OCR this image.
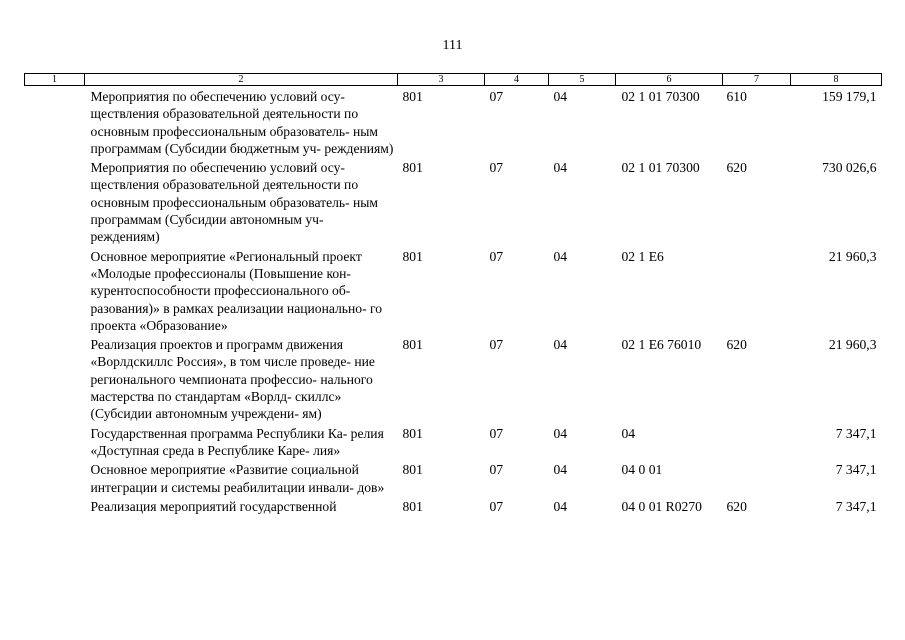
111
1	2	3	4	5	6	7	8

	Мероприятия по обеспечению условий осу- ществления образовательной деятельности по основным профессиональным образователь- ным программам (Субсидии бюджетным уч- реждениям)	801	07	04	02 1 01 70300	610	159 179,1

	Мероприятия по обеспечению условий осу- ществления образовательной деятельности по основным профессиональным образователь- ным программам (Субсидии автономным уч- реждениям)	801	07	04	02 1 01 70300	620	730 026,6

	Основное мероприятие «Региональный проект «Молодые профессионалы (Повышение кон- курентоспособности профессионального об- разования)» в рамках реализации национально- го проекта «Образование»	801	07	04	02 1 E6		21 960,3

	Реализация проектов и программ движения «Ворлдскиллс Россия», в том числе проведе- ние регионального чемпионата профессио- нального мастерства по стандартам «Ворлд- скиллс» (Субсидии автономным учреждени- ям)	801	07	04	02 1 E6 76010	620	21 960,3

	Государственная программа Республики Ка- релия «Доступная среда в Республике Каре- лия»	801	07	04	04		7 347,1

	Основное мероприятие «Развитие социальной интеграции и системы реабилитации инвали- дов»	801	07	04	04 0 01		7 347,1

	Реализация мероприятий государственной	801	07	04	04 0 01 R0270	620	7 347,1
